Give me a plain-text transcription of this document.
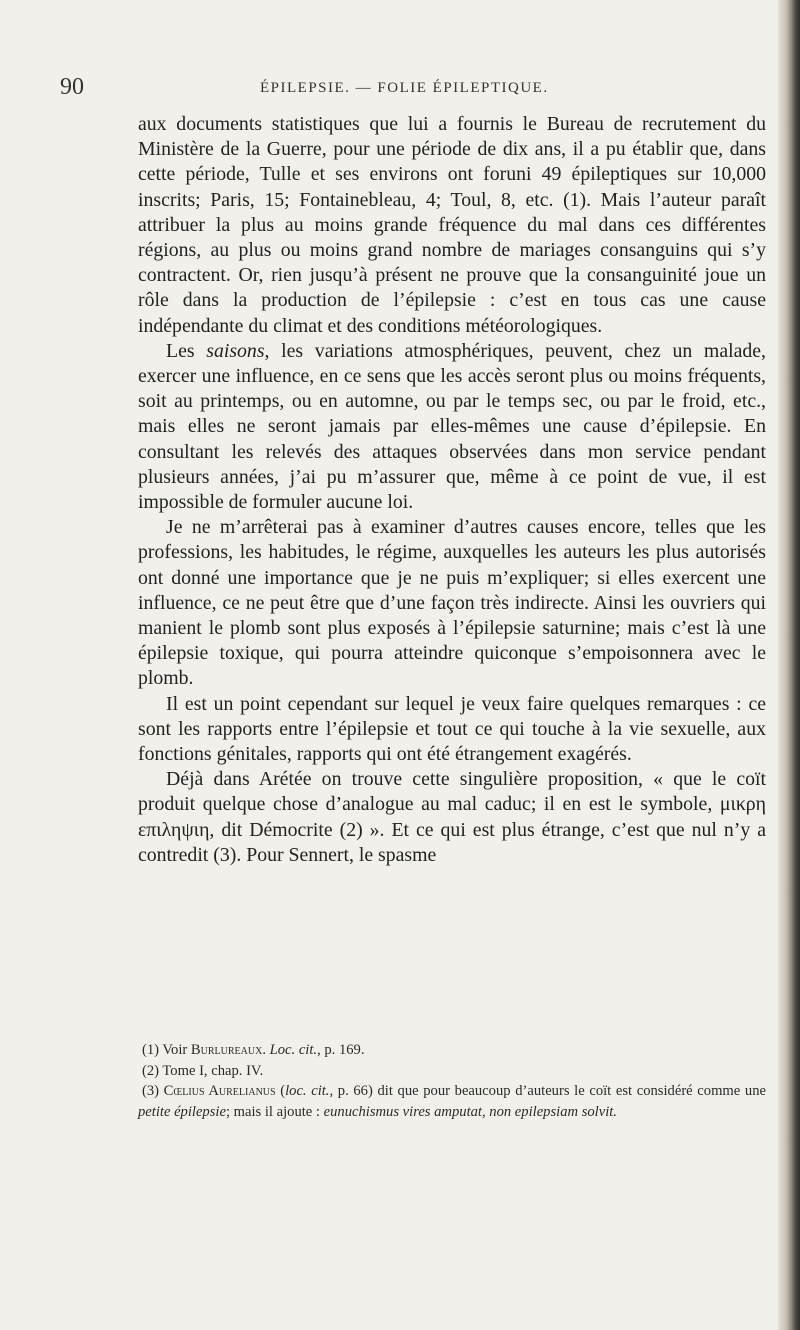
90	ÉPILEPSIE. — FOLIE ÉPILEPTIQUE.

aux documents statistiques que lui a fournis le Bureau de recrutement du Ministère de la Guerre, pour une période de dix ans, il a pu établir que, dans cette période, Tulle et ses environs ont foruni 49 épileptiques sur 10,000 inscrits; Paris, 15; Fontainebleau, 4; Toul, 8, etc. (1). Mais l’auteur paraît attribuer la plus au moins grande fréquence du mal dans ces différentes régions, au plus ou moins grand nombre de mariages consanguins qui s’y contractent. Or, rien jusqu’à présent ne prouve que la consanguinité joue un rôle dans la production de l’épilepsie : c’est en tous cas une cause indépendante du climat et des conditions météorologiques.

Les saisons, les variations atmosphériques, peuvent, chez un malade, exercer une influence, en ce sens que les accès seront plus ou moins fréquents, soit au printemps, ou en automne, ou par le temps sec, ou par le froid, etc., mais elles ne seront jamais par elles-mêmes une cause d’épilepsie. En consultant les relevés des attaques observées dans mon service pendant plusieurs années, j’ai pu m’assurer que, même à ce point de vue, il est impossible de formuler aucune loi.

Je ne m’arrêterai pas à examiner d’autres causes encore, telles que les professions, les habitudes, le régime, auxquelles les auteurs les plus autorisés ont donné une importance que je ne puis m’expliquer; si elles exercent une influence, ce ne peut être que d’une façon très indirecte. Ainsi les ouvriers qui manient le plomb sont plus exposés à l’épilepsie saturnine; mais c’est là une épilepsie toxique, qui pourra atteindre quiconque s’empoisonnera avec le plomb.

Il est un point cependant sur lequel je veux faire quelques remarques : ce sont les rapports entre l’épilepsie et tout ce qui touche à la vie sexuelle, aux fonctions génitales, rapports qui ont été étrangement exagérés.

Déjà dans Arétée on trouve cette singulière proposition, « que le coït produit quelque chose d’analogue au mal caduc; il en est le symbole, μικρη επιληψιη, dit Démocrite (2) ». Et ce qui est plus étrange, c’est que nul n’y a contredit (3). Pour Sennert, le spasme

(1) Voir Burlureaux. Loc. cit., p. 169.

(2) Tome I, chap. IV.

(3) Cœlius Aurelianus (loc. cit., p. 66) dit que pour beaucoup d’auteurs le coït est considéré comme une petite épilepsie; mais il ajoute : eunuchismus vires amputat, non epilepsiam solvit.
